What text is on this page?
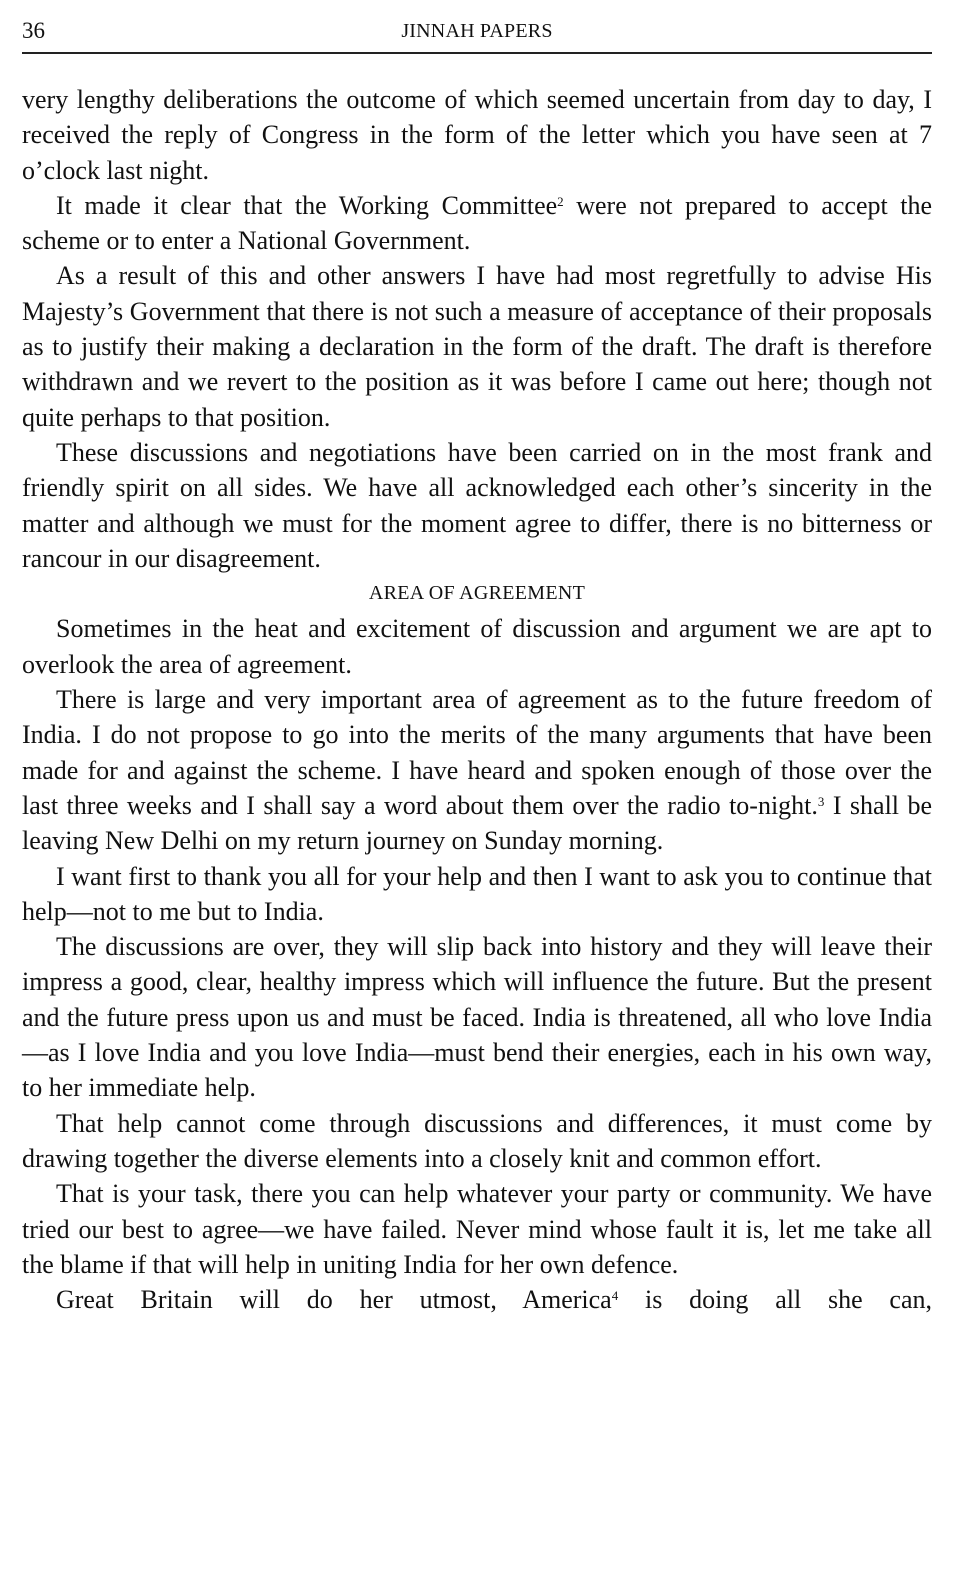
36	JINNAH PAPERS

very lengthy deliberations the outcome of which seemed uncertain from day to day, I received the reply of Congress in the form of the letter which you have seen at 7 o’clock last night.

It made it clear that the Working Committee$^2$ were not prepared to accept the scheme or to enter a National Government.

As a result of this and other answers I have had most regretfully to advise His Majesty’s Government that there is not such a measure of acceptance of their proposals as to justify their making a declaration in the form of the draft. The draft is therefore withdrawn and we revert to the position as it was before I came out here; though not quite perhaps to that position.

These discussions and negotiations have been carried on in the most frank and friendly spirit on all sides. We have all acknowledged each other’s sincerity in the matter and although we must for the moment agree to differ, there is no bitterness or rancour in our disagreement.

AREA OF AGREEMENT

Sometimes in the heat and excitement of discussion and argument we are apt to overlook the area of agreement.

There is large and very important area of agreement as to the future freedom of India. I do not propose to go into the merits of the many arguments that have been made for and against the scheme. I have heard and spoken enough of those over the last three weeks and I shall say a word about them over the radio to-night.$^3$ I shall be leaving New Delhi on my return journey on Sunday morning.

I want first to thank you all for your help and then I want to ask you to continue that help—not to me but to India.

The discussions are over, they will slip back into history and they will leave their impress a good, clear, healthy impress which will influence the future. But the present and the future press upon us and must be faced. India is threatened, all who love India—as I love India and you love India—must bend their energies, each in his own way, to her immediate help.

That help cannot come through discussions and differences, it must come by drawing together the diverse elements into a closely knit and common effort.

That is your task, there you can help whatever your party or community. We have tried our best to agree—we have failed. Never mind whose fault it is, let me take all the blame if that will help in uniting India for her own defence.

Great Britain will do her utmost, America$^4$ is doing all she can,
